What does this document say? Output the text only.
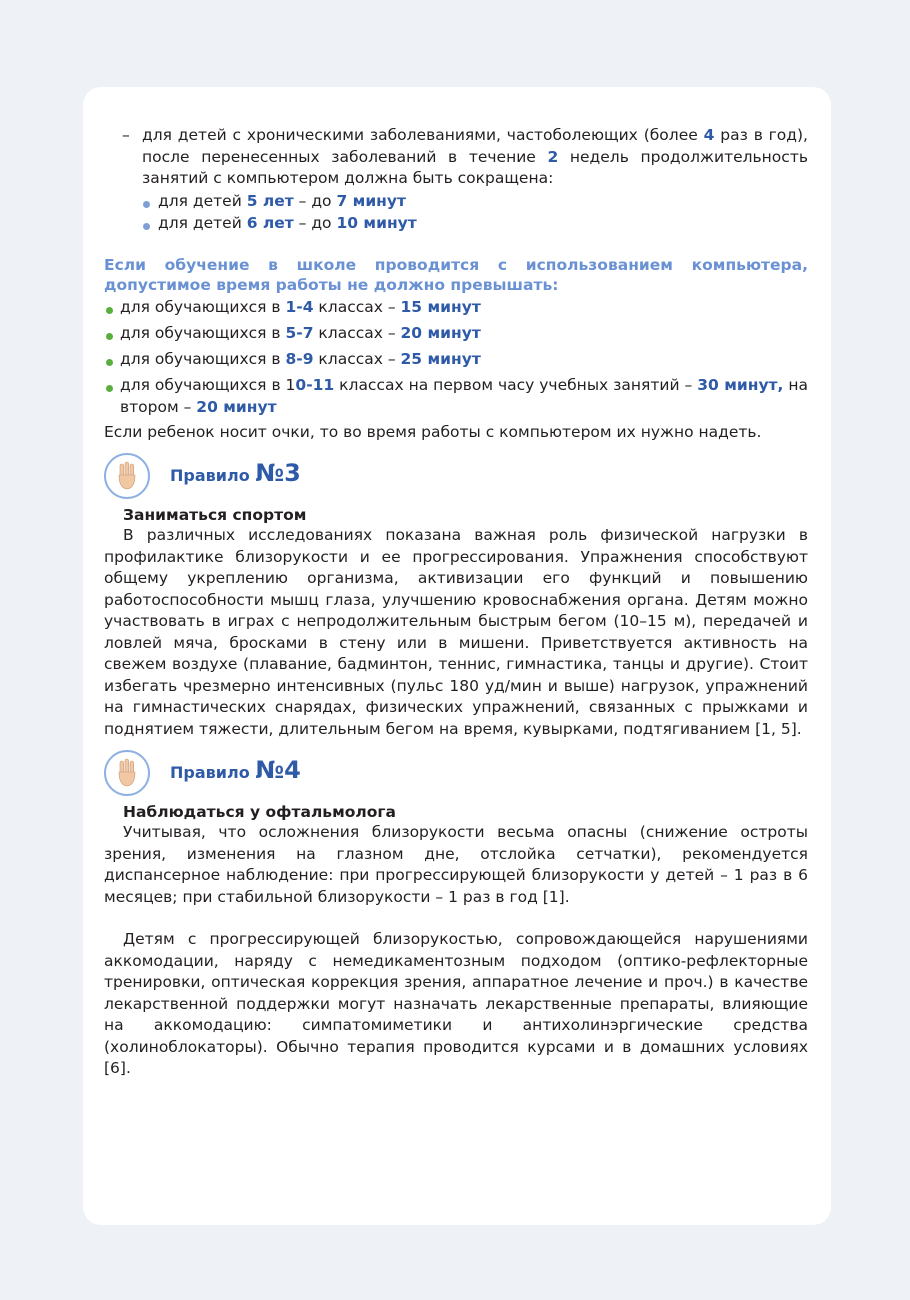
– для детей с хроническими заболеваниями, частоболеющих (более 4 раз в год), после перенесенных заболеваний в течение 2 недель продолжительность занятий с компьютером должна быть сокращена:
для детей 5 лет – до 7 минут
для детей 6 лет – до 10 минут

Если обучение в школе проводится с использованием компьютера, допустимое время работы не должно превышать:

для обучающихся в 1-4 классах – 15 минут
для обучающихся в 5-7 классах – 20 минут
для обучающихся в 8-9 классах – 25 минут
для обучающихся в 10-11 классах на первом часу учебных занятий – 30 минут, на втором – 20 минут

Если ребенок носит очки, то во время работы с компьютером их нужно надеть.

Правило №3

Заниматься спортом

В различных исследованиях показана важная роль физической нагрузки в профилактике близорукости и ее прогрессирования. Упражнения способствуют общему укреплению организма, активизации его функций и повышению работоспособности мышц глаза, улучшению кровоснабжения органа. Детям можно участвовать в играх с непродолжительным быстрым бегом (10–15 м), передачей и ловлей мяча, бросками в стену или в мишени. Приветствуется активность на свежем воздухе (плавание, бадминтон, теннис, гимнастика, танцы и другие). Стоит избегать чрезмерно интенсивных (пульс 180 уд/мин и выше) нагрузок, упражнений на гимнастических снарядах, физических упражнений, связанных с прыжками и поднятием тяжести, длительным бегом на время, кувырками, подтягиванием [1, 5].

Правило №4

Наблюдаться у офтальмолога

Учитывая, что осложнения близорукости весьма опасны (снижение остроты зрения, изменения на глазном дне, отслойка сетчатки), рекомендуется диспансерное наблюдение: при прогрессирующей близорукости у детей – 1 раз в 6 месяцев; при стабильной близорукости – 1 раз в год [1].

Детям с прогрессирующей близорукостью, сопровождающейся нарушениями аккомодации, наряду с немедикаментозным подходом (оптико-рефлекторные тренировки, оптическая коррекция зрения, аппаратное лечение и проч.) в качестве лекарственной поддержки могут назначать лекарственные препараты, влияющие на аккомодацию: симпатомиметики и антихолинэргические средства (холиноблокаторы). Обычно терапия проводится курсами и в домашних условиях [6].
